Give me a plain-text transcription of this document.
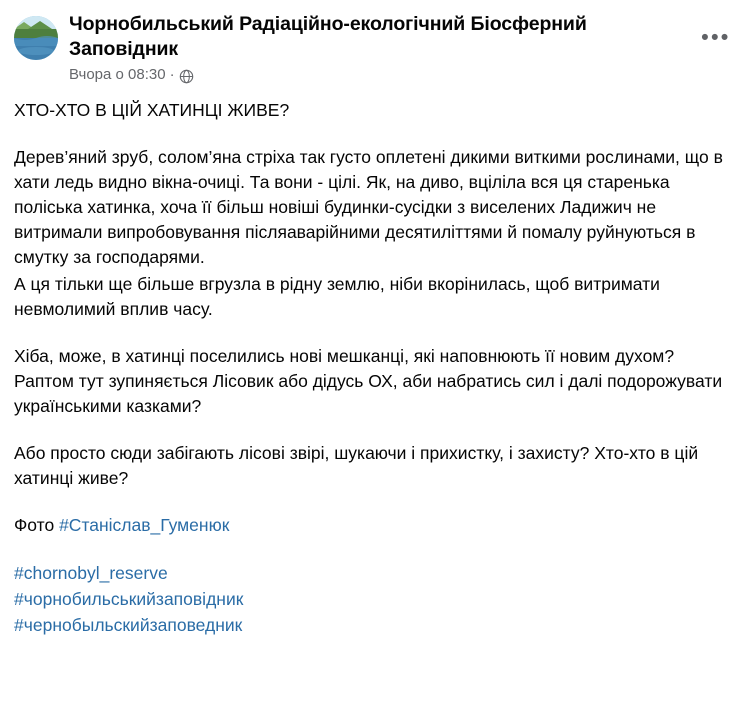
Чорнобильський Радіаційно-екологічний Біосферний Заповідник
Вчора о 08:30 ·
•••
ХТО-ХТО В ЦІЙ ХАТИНЦІ ЖИВЕ?
Дерев’яний зруб, солом’яна стріха так густо оплетені дикими виткими рослинами, що в хати ледь видно вікна-очиці. Та вони - цілі. Як, на диво, вціліла вся ця старенька поліська хатинка, хоча її більш новіші будинки-сусідки з виселених Ладижич не витримали випробовування післяаварійними десятиліттями й помалу руйнуються в смутку за господарями.
А ця тільки ще більше вгрузла в рідну землю, ніби вкорінилась, щоб витримати невмолимий вплив часу.
Хіба, може, в хатинці поселились нові мешканці, які наповнюють її новим духом? Раптом тут зупиняється Лісовик або дідусь ОХ, аби набратись сил і далі подорожувати українськими казками?
Або просто сюди забігають лісові звірі, шукаючи і прихистку, і захисту? Хто-хто в цій хатинці живе?
Фото #Станіслав_Гуменюк
#chornobyl_reserve
#чорнобильськийзаповідник
#чернобыльскийзаповедник
